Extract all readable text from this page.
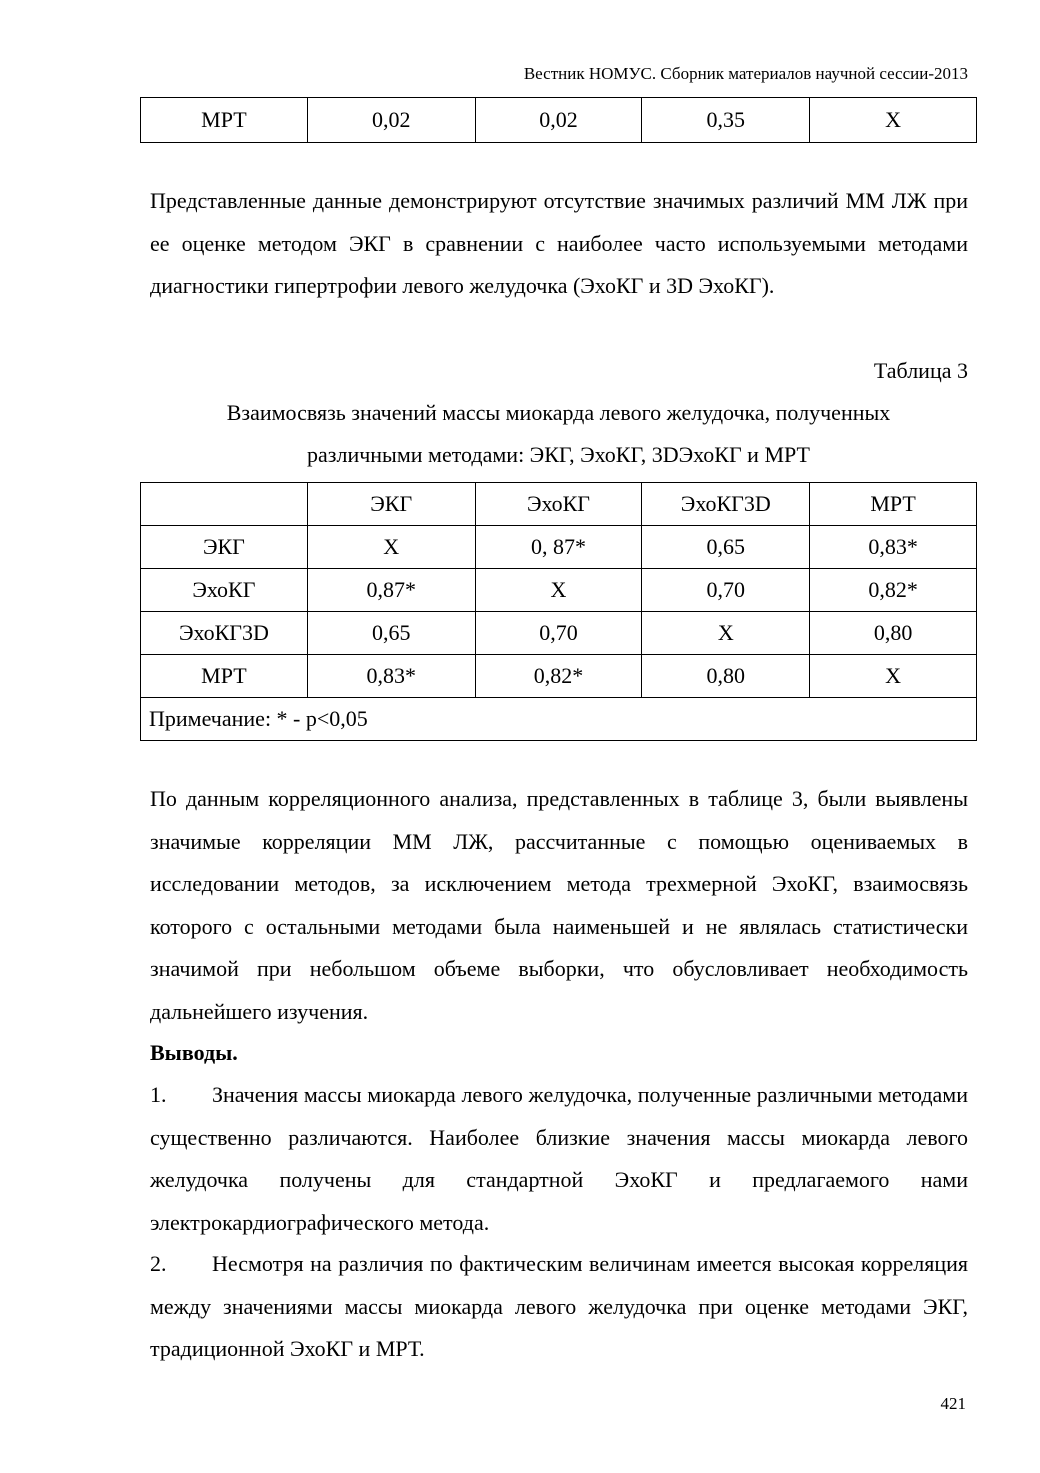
Вестник НОМУС. Сборник материалов научной сессии-2013
МРТ	0,02	0,02	0,35	Х
Представленные данные демонстрируют отсутствие значимых различий ММ ЛЖ при ее оценке методом ЭКГ в сравнении с наиболее часто используемыми методами диагностики гипертрофии левого желудочка (ЭхоКГ и 3D ЭхоКГ).
Таблица 3
Взаимосвязь значений массы миокарда левого желудочка, полученных
различными методами: ЭКГ, ЭхоКГ, 3DЭхоКГ и МРТ
	ЭКГ	ЭхоКГ	ЭхоКГ3D	МРТ
ЭКГ	Х	0, 87*	0,65	0,83*
ЭхоКГ	0,87*	Х	0,70	0,82*
ЭхоКГ3D	0,65	0,70	Х	0,80
МРТ	0,83*	0,82*	0,80	Х
Примечание: * - p<0,05				
По данным корреляционного анализа, представленных в таблице 3, были выявлены значимые корреляции ММ ЛЖ, рассчитанные с помощью оцениваемых в исследовании методов, за исключением метода трехмерной ЭхоКГ, взаимосвязь которого с остальными методами была наименьшей и не являлась статистически значимой при небольшом объеме выборки, что обусловливает необходимость дальнейшего изучения.
Выводы.
1. Значения массы миокарда левого желудочка, полученные различными методами существенно различаются. Наиболее близкие значения массы миокарда левого желудочка получены для стандартной ЭхоКГ и предлагаемого нами электрокардиографического метода.
2. Несмотря на различия по фактическим величинам имеется высокая корреляция между значениями массы миокарда левого желудочка при оценке методами ЭКГ, традиционной ЭхоКГ и МРТ.
421
